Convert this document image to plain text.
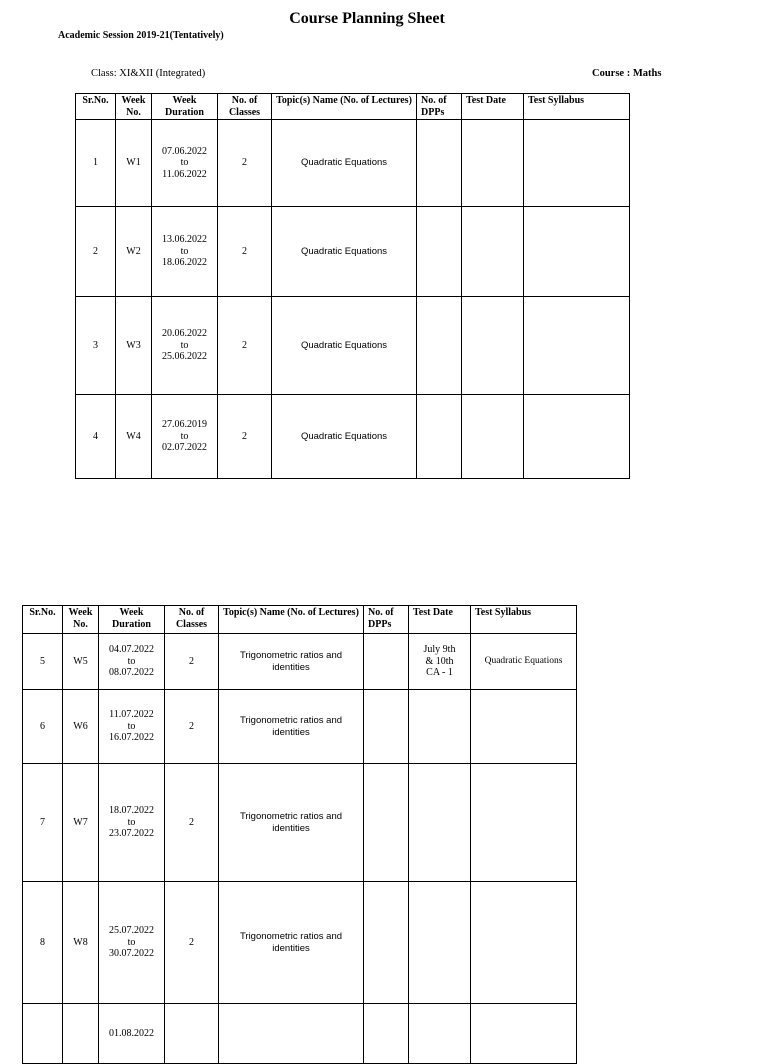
Course Planning Sheet
Academic Session 2019-21(Tentatively)
Class: XI&XII (Integrated)	Course : Maths
Sr.No.	Week No.	Week Duration	No. of Classes	Topic(s) Name (No. of Lectures)	No. of DPPs	Test Date	Test Syllabus
1	W1	07.06.2022
to
11.06.2022	2	Quadratic Equations			
2	W2	13.06.2022
to
18.06.2022	2	Quadratic Equations			
3	W3	20.06.2022
to
25.06.2022	2	Quadratic Equations			
4	W4	27.06.2019
to
02.07.2022	2	Quadratic Equations			
Sr.No.	Week No.	Week Duration	No. of Classes	Topic(s) Name (No. of Lectures)	No. of DPPs	Test Date	Test Syllabus
5	W5	04.07.2022
to
08.07.2022	2	Trigonometric ratios and identities		July 9th & 10th CA - 1	Quadratic Equations
6	W6	11.07.2022
to
16.07.2022	2	Trigonometric ratios and identities			
7	W7	18.07.2022
to
23.07.2022	2	Trigonometric ratios and identities			
8	W8	25.07.2022
to
30.07.2022	2	Trigonometric ratios and identities			

		01.08.2022					
